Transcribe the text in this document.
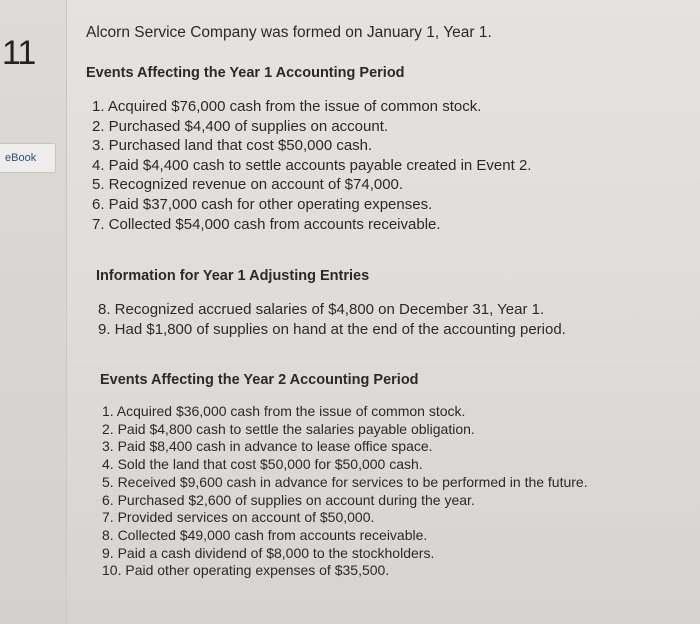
11
eBook
Alcorn Service Company was formed on January 1, Year 1.
Events Affecting the Year 1 Accounting Period
1. Acquired $76,000 cash from the issue of common stock.
2. Purchased $4,400 of supplies on account.
3. Purchased land that cost $50,000 cash.
4. Paid $4,400 cash to settle accounts payable created in Event 2.
5. Recognized revenue on account of $74,000.
6. Paid $37,000 cash for other operating expenses.
7. Collected $54,000 cash from accounts receivable.
Information for Year 1 Adjusting Entries
8. Recognized accrued salaries of $4,800 on December 31, Year 1.
9. Had $1,800 of supplies on hand at the end of the accounting period.
Events Affecting the Year 2 Accounting Period
1. Acquired $36,000 cash from the issue of common stock.
2. Paid $4,800 cash to settle the salaries payable obligation.
3. Paid $8,400 cash in advance to lease office space.
4. Sold the land that cost $50,000 for $50,000 cash.
5. Received $9,600 cash in advance for services to be performed in the future.
6. Purchased $2,600 of supplies on account during the year.
7. Provided services on account of $50,000.
8. Collected $49,000 cash from accounts receivable.
9. Paid a cash dividend of $8,000 to the stockholders.
10. Paid other operating expenses of $35,500.
